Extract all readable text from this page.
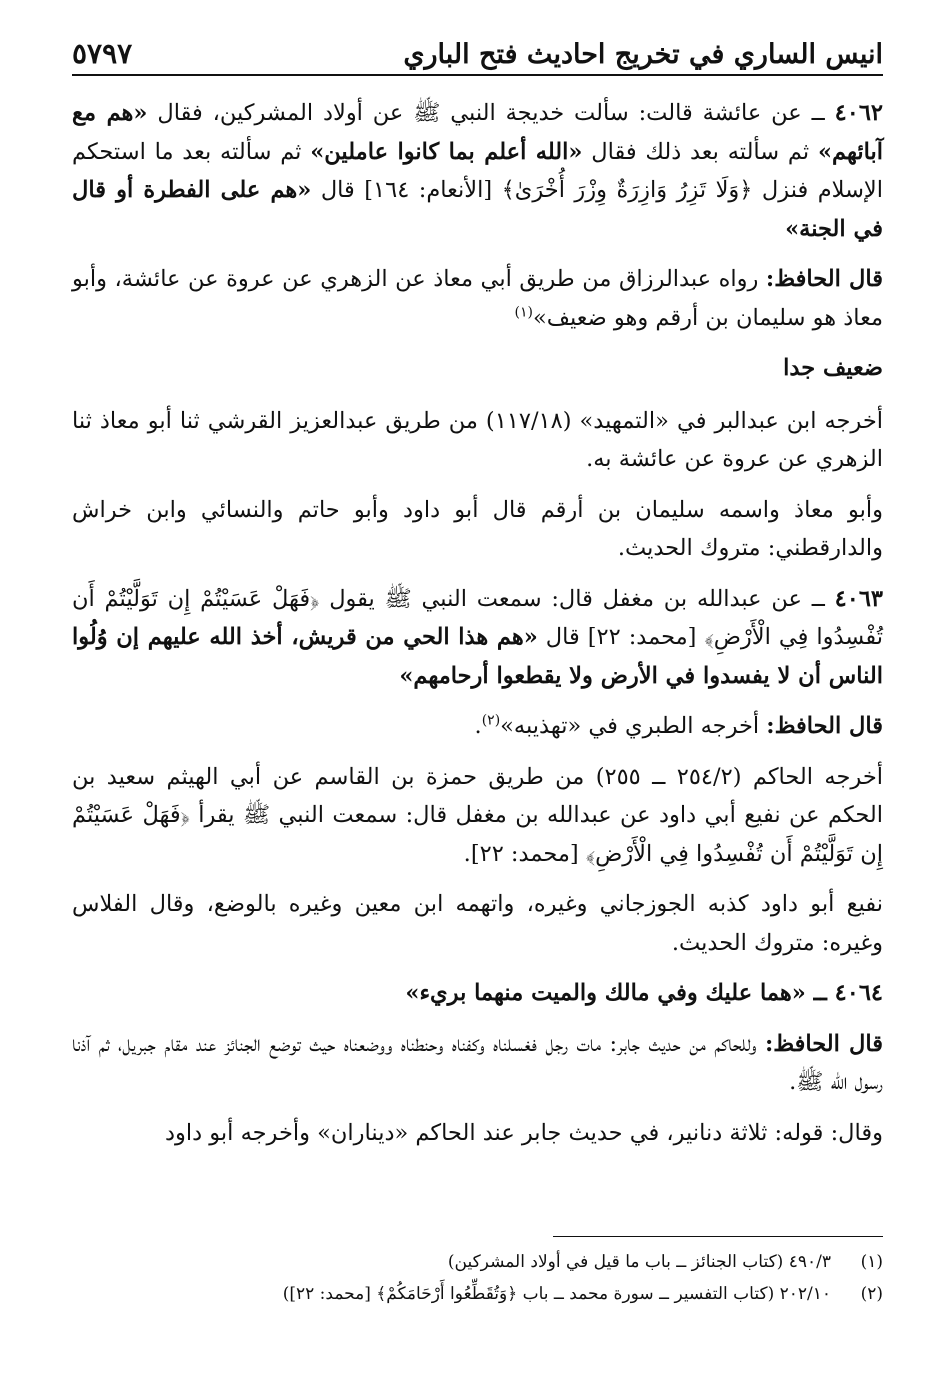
انيس الساري في تخريج احاديث فتح الباري
٥٧٩٧

٤٠٦٢ ــ عن عائشة قالت: سألت خديجة النبي ﷺ عن أولاد المشركين، فقال «هم مع آبائهم» ثم سألته بعد ذلك فقال «الله أعلم بما كانوا عاملين» ثم سألته بعد ما استحكم الإسلام فنزل ﴿وَلَا تَزِرُ وَازِرَةٌ وِزْرَ أُخْرَىٰ﴾ [الأنعام: ١٦٤] قال «هم على الفطرة أو قال في الجنة»

قال الحافظ: رواه عبدالرزاق من طريق أبي معاذ عن الزهري عن عروة عن عائشة، وأبو معاذ هو سليمان بن أرقم وهو ضعيف»$^{(١)}$

ضعيف جدا

أخرجه ابن عبدالبر في «التمهيد» (١١٧/١٨) من طريق عبدالعزيز القرشي ثنا أبو معاذ ثنا الزهري عن عروة عن عائشة به.

وأبو معاذ واسمه سليمان بن أرقم قال أبو داود وأبو حاتم والنسائي وابن خراش والدارقطني: متروك الحديث.

٤٠٦٣ ــ عن عبدالله بن مغفل قال: سمعت النبي ﷺ يقول ﴿فَهَلْ عَسَيْتُمْ إِن تَوَلَّيْتُمْ أَن تُفْسِدُوا فِي الْأَرْضِ﴾ [محمد: ٢٢] قال «هم هذا الحي من قريش، أخذ الله عليهم إن وُلُوا الناس أن لا يفسدوا في الأرض ولا يقطعوا أرحامهم»

قال الحافظ: أخرجه الطبري في «تهذيبه»$^{(٢)}$.

أخرجه الحاكم (٢٥٤/٢ ــ ٢٥٥) من طريق حمزة بن القاسم عن أبي الهيثم سعيد بن الحكم عن نفيع أبي داود عن عبدالله بن مغفل قال: سمعت النبي ﷺ يقرأ ﴿فَهَلْ عَسَيْتُمْ إِن تَوَلَّيْتُمْ أَن تُفْسِدُوا فِي الْأَرْضِ﴾ [محمد: ٢٢].

نفيع أبو داود كذبه الجوزجاني وغيره، واتهمه ابن معين وغيره بالوضع، وقال الفلاس وغيره: متروك الحديث.

٤٠٦٤ ــ «هما عليك وفي مالك والميت منهما بريء»

قال الحافظ: وللحاكم من حديث جابر: مات رجل فغسلناه وكفناه وحنطناه ووضعناه حيث توضع الجنائز عند مقام جبريل، ثم آذنا رسول الله ﷺ.

وقال: قوله: ثلاثة دنانير، في حديث جابر عند الحاكم «ديناران» وأخرجه أبو داود

(١)
٤٩٠/٣ (كتاب الجنائز ــ باب ما قيل في أولاد المشركين)
(٢)
٢٠٢/١٠ (كتاب التفسير ــ سورة محمد ــ باب ﴿وَتُقَطِّعُوا أَرْحَامَكُمْ﴾ [محمد: ٢٢])
